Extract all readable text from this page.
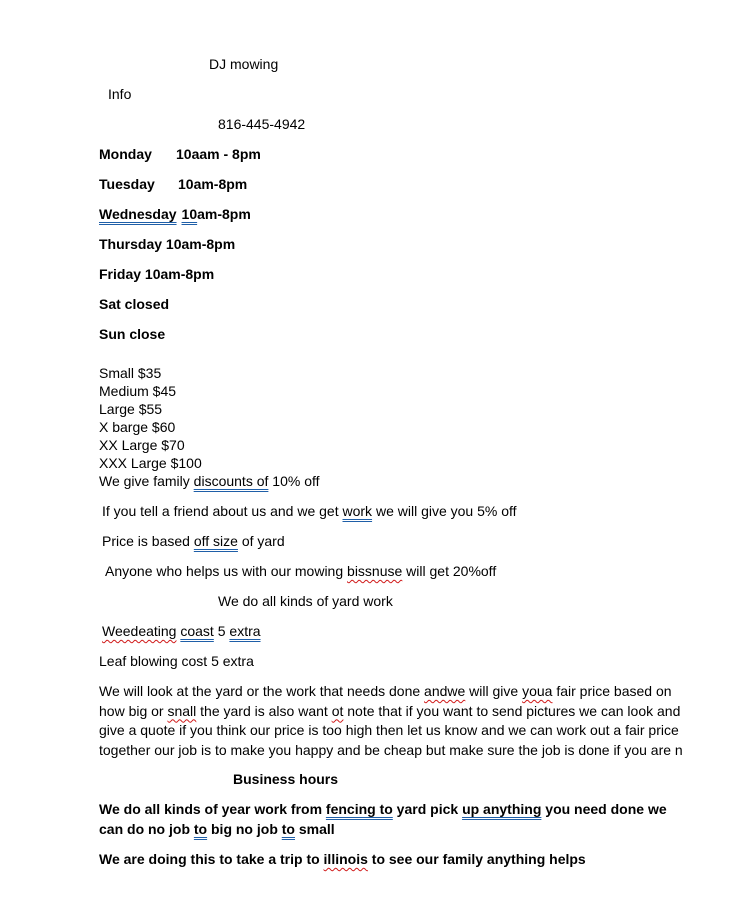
DJ mowing
Info
816-445-4942
Monday 10aam - 8pm
Tuesday 10am-8pm
Wednesday 10am-8pm
Thursday 10am-8pm
Friday 10am-8pm
Sat closed
Sun close
Small $35
Medium $45
Large $55
X barge $60
XX Large $70
XXX Large $100
We give family discounts of 10% off
If you tell a friend about us and we get work we will give you 5% off
Price is based off size of yard
Anyone who helps us with our mowing bissnuse will get 20%off
We do all kinds of yard work
Weedeating coast 5 extra
Leaf blowing cost 5 extra
We will look at the yard or the work that needs done andwe will give youa fair price based on how big or snall the yard is also want ot note that if you want to send pictures we can look and give a quote if you think our price is too high then let us know and we can work out a fair price together our job is to make you happy and be cheap but make sure the job is done if you are n
Business hours
We do all kinds of year work from fencing to yard pick up anything you need done we can do no job to big no job to small
We are doing this to take a trip to illinois to see our family anything helps
